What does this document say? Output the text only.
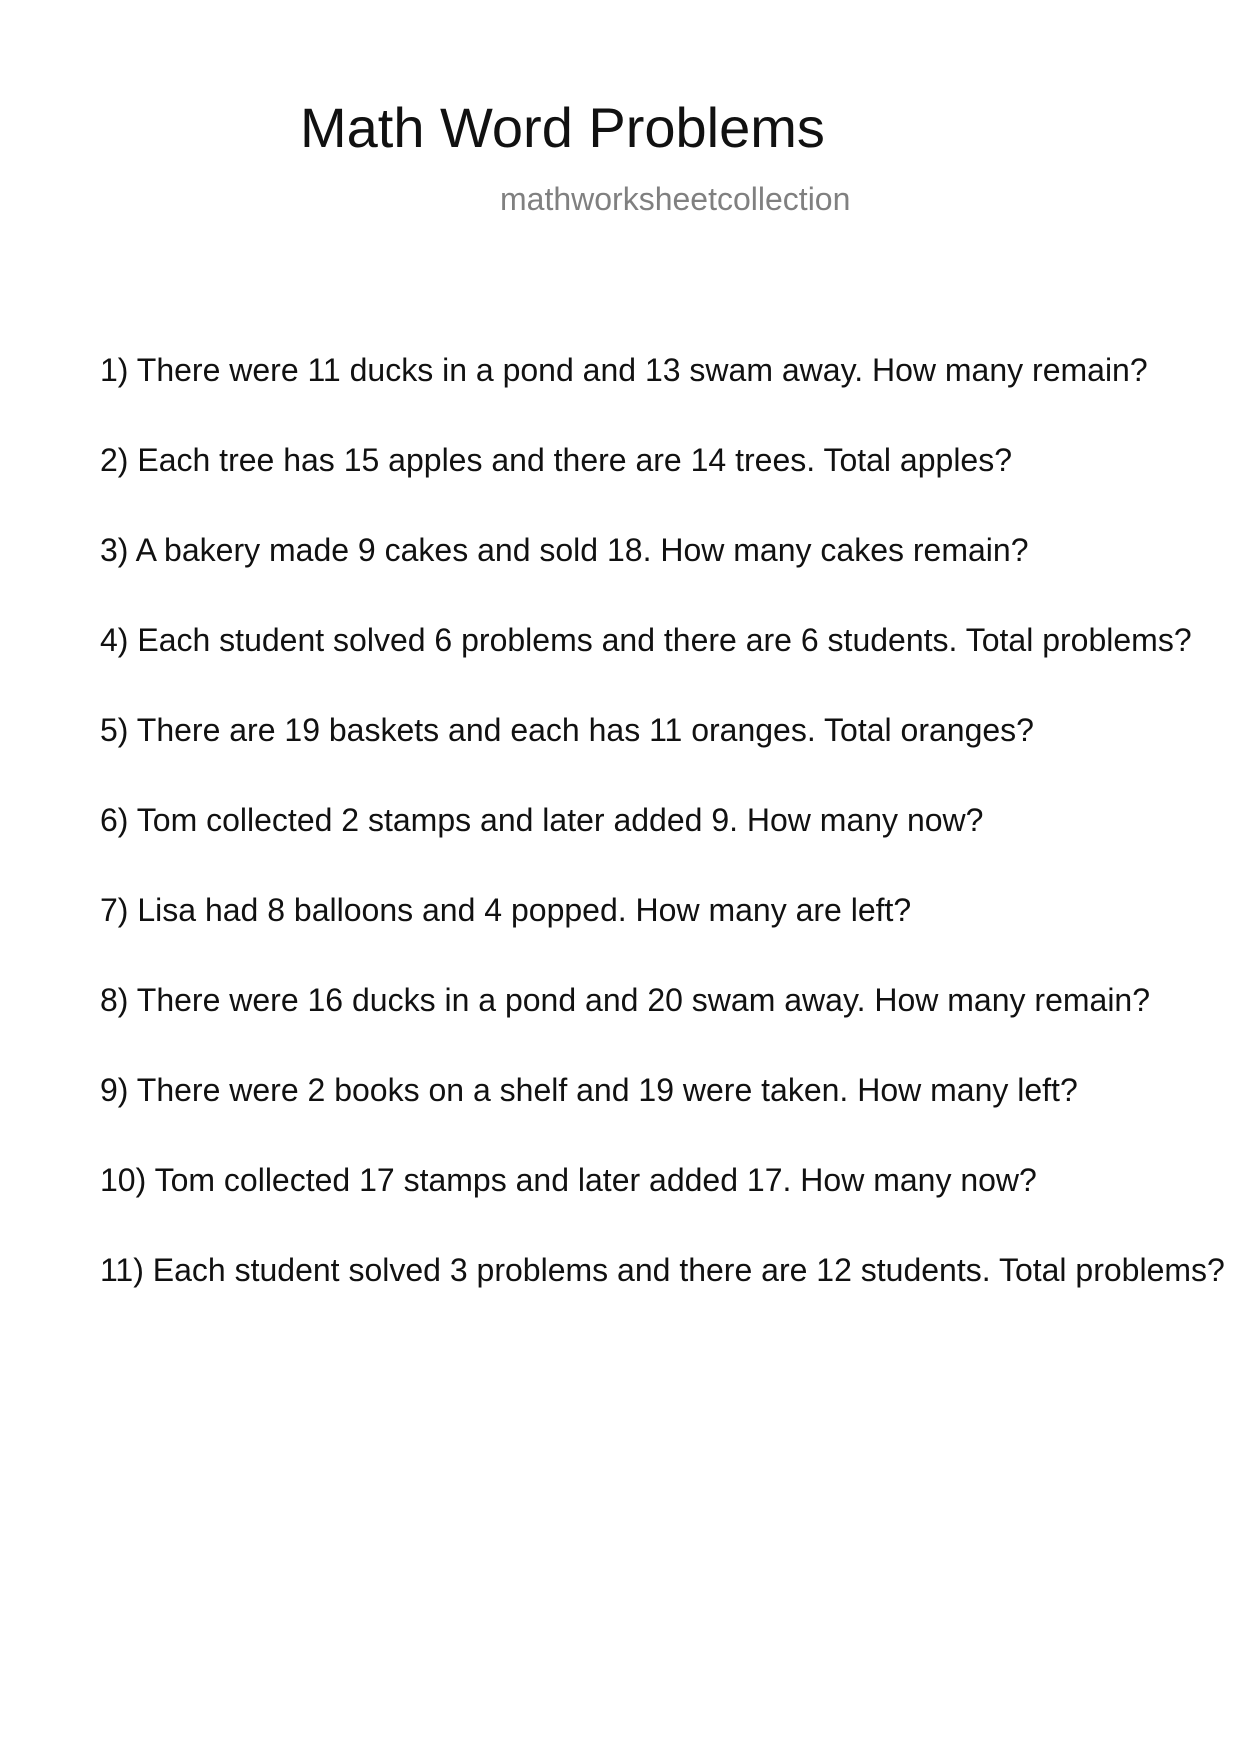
Math Word Problems
mathworksheetcollection
1) There were 11 ducks in a pond and 13 swam away. How many remain?
2) Each tree has 15 apples and there are 14 trees. Total apples?
3) A bakery made 9 cakes and sold 18. How many cakes remain?
4) Each student solved 6 problems and there are 6 students. Total problems?
5) There are 19 baskets and each has 11 oranges. Total oranges?
6) Tom collected 2 stamps and later added 9. How many now?
7) Lisa had 8 balloons and 4 popped. How many are left?
8) There were 16 ducks in a pond and 20 swam away. How many remain?
9) There were 2 books on a shelf and 19 were taken. How many left?
10) Tom collected 17 stamps and later added 17. How many now?
11) Each student solved 3 problems and there are 12 students. Total problems?
